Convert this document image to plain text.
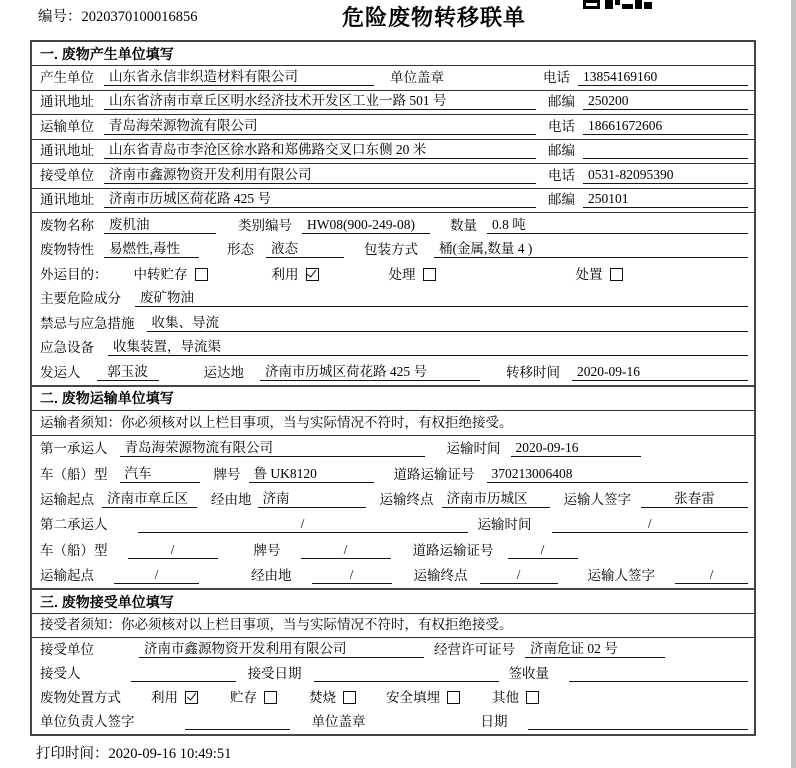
编号：2020370100016856	危险废物转移联单
一. 废物产生单位填写
产生单位	山东省永信非织造材料有限公司	单位盖章	电话 13854169160
通讯地址	山东省济南市章丘区明水经济技术开发区工业一路 501 号	邮编 250200
运输单位	青岛海荣源物流有限公司	电话 18661672606
通讯地址	山东省青岛市李沧区徐水路和郑佛路交叉口东侧 20 米	邮编
接受单位	济南市鑫源物资开发利用有限公司	电话 0531-82095390
通讯地址	济南市历城区荷花路 425 号	邮编 250101
废物名称	废机油	类别编号	HW08(900-249-08)	数量	0.8 吨
废物特性	易燃性,毒性	形态	液态	包装方式	桶(金属,数量 4 )
外运目的： 中转贮存	利用	处理	处置
主要危险成分	废矿物油
禁忌与应急措施	收集、导流
应急设备	收集装置，导流渠
发运人	郭玉波	运达地	济南市历城区荷花路 425 号	转移时间	2020-09-16
二. 废物运输单位填写
运输者须知：你必须核对以上栏目事项，当与实际情况不符时，有权拒绝接受。
第一承运人	青岛海荣源物流有限公司	运输时间	2020-09-16
车（船）型	汽车	牌号 鲁 UK8120	道路运输证号	370213006408
运输起点 济南市章丘区	经由地 济南	运输终点 济南市历城区	运输人签字	张春雷
第二承运人	/	运输时间	/
车（船）型	/	牌号	/	道路运输证号	/
运输起点	/	经由地	/	运输终点	/	运输人签字	/
三. 废物接受单位填写
接受者须知：你必须核对以上栏目事项，当与实际情况不符时，有权拒绝接受。
接受单位	济南市鑫源物资开发利用有限公司	经营许可证号	济南危证 02 号
接受人	接受日期	签收量
废物处置方式 利用	贮存	焚烧	安全填埋	其他
单位负责人签字	单位盖章	日期
打印时间：2020-09-16 10:49:51
